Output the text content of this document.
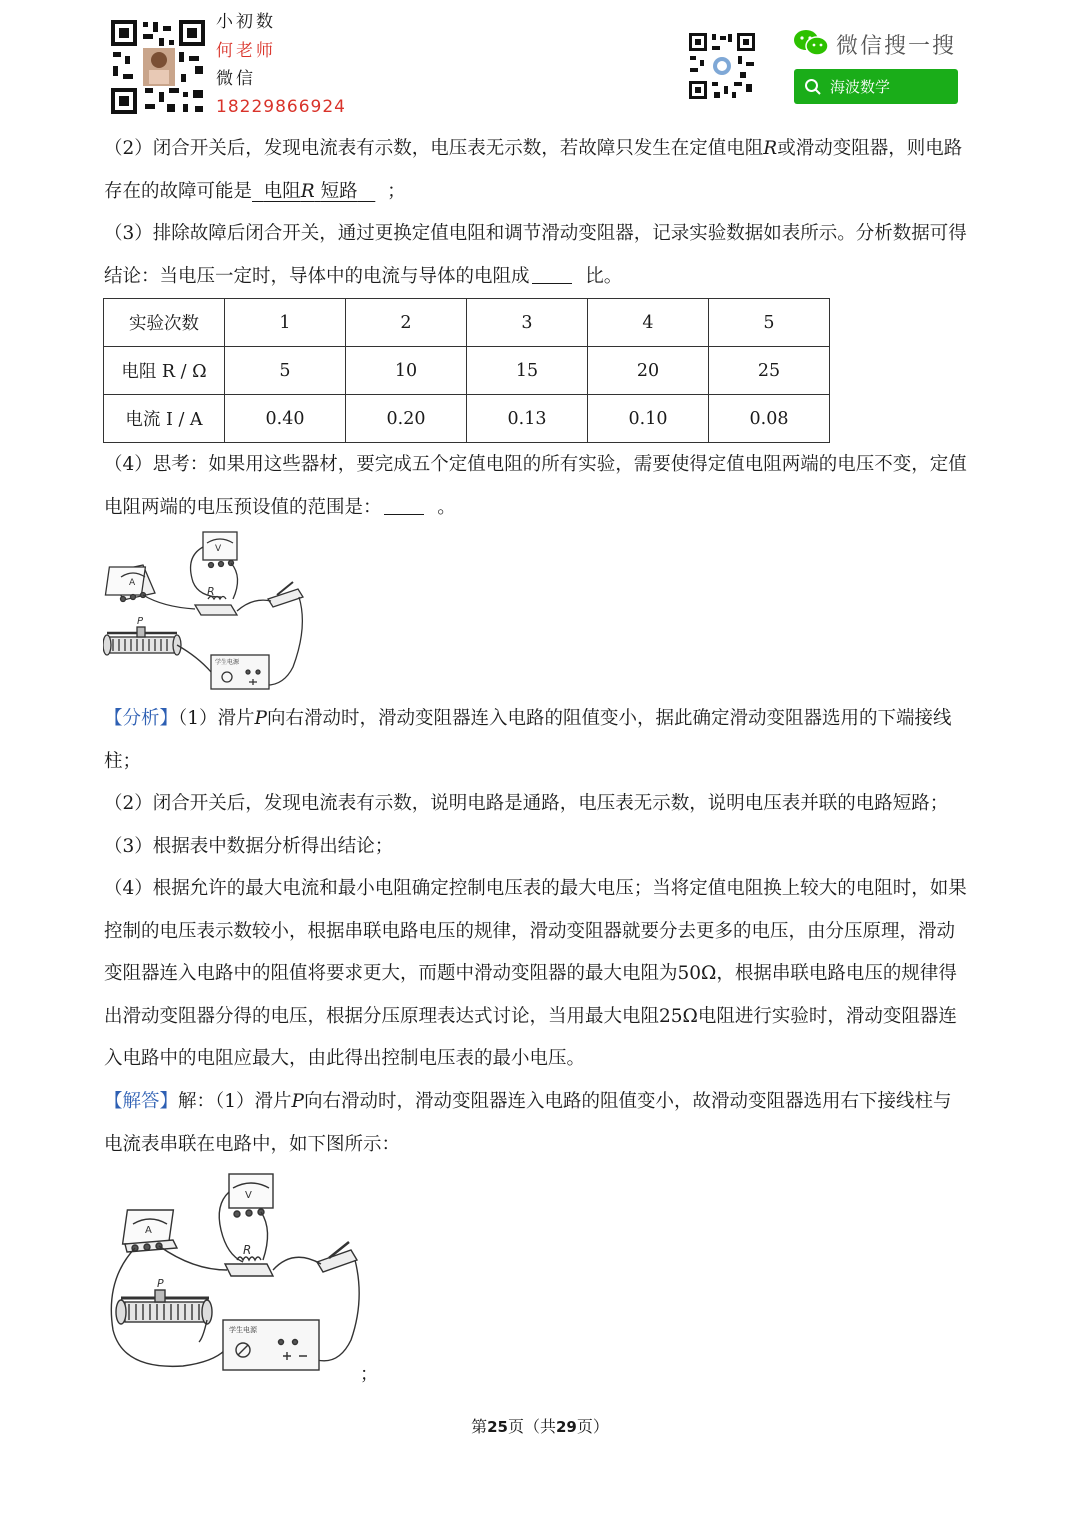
小初数
何老师
微信
18229866924
微信搜一搜
海波数学

（2）闭合开关后，发现电流表有示数，电压表无示数，若故障只发生在定值电阻R或滑动变阻器，则电路

存在的故障可能是 电阻R 短路 ；

（3）排除故障后闭合开关，通过更换定值电阻和调节滑动变阻器，记录实验数据如表所示。分析数据可得

结论：当电压一定时，导体中的电流与导体的电阻成	比。

实验次数	1	2	3	4	5
电阻 R / Ω	5	10	15	20	25
电流 I / A	0.40	0.20	0.13	0.10	0.08

（4）思考：如果用这些器材，要完成五个定值电阻的所有实验，需要使得定值电阻两端的电压不变，定值

电阻两端的电压预设值的范围是：	。

A
V
R
P
学生电源

【分析】（1）滑片P向右滑动时，滑动变阻器连入电路的阻值变小，据此确定滑动变阻器选用的下端接线

柱；

（2）闭合开关后，发现电流表有示数，说明电路是通路，电压表无示数，说明电压表并联的电路短路；

（3）根据表中数据分析得出结论；

（4）根据允许的最大电流和最小电阻确定控制电压表的最大电压；当将定值电阻换上较大的电阻时，如果

控制的电压表示数较小，根据串联电路电压的规律，滑动变阻器就要分去更多的电压，由分压原理，滑动

变阻器连入电路中的阻值将要求更大，而题中滑动变阻器的最大电阻为50Ω，根据串联电路电压的规律得

出滑动变阻器分得的电压，根据分压原理表达式讨论，当用最大电阻25Ω电阻进行实验时，滑动变阻器连

入电路中的电阻应最大，由此得出控制电压表的最小电压。

【解答】解：（1）滑片P向右滑动时，滑动变阻器连入电路的阻值变小，故滑动变阻器选用右下接线柱与

电流表串联在电路中，如下图所示：

A
V
R
P
学生电源
；
第25页（共29页）
